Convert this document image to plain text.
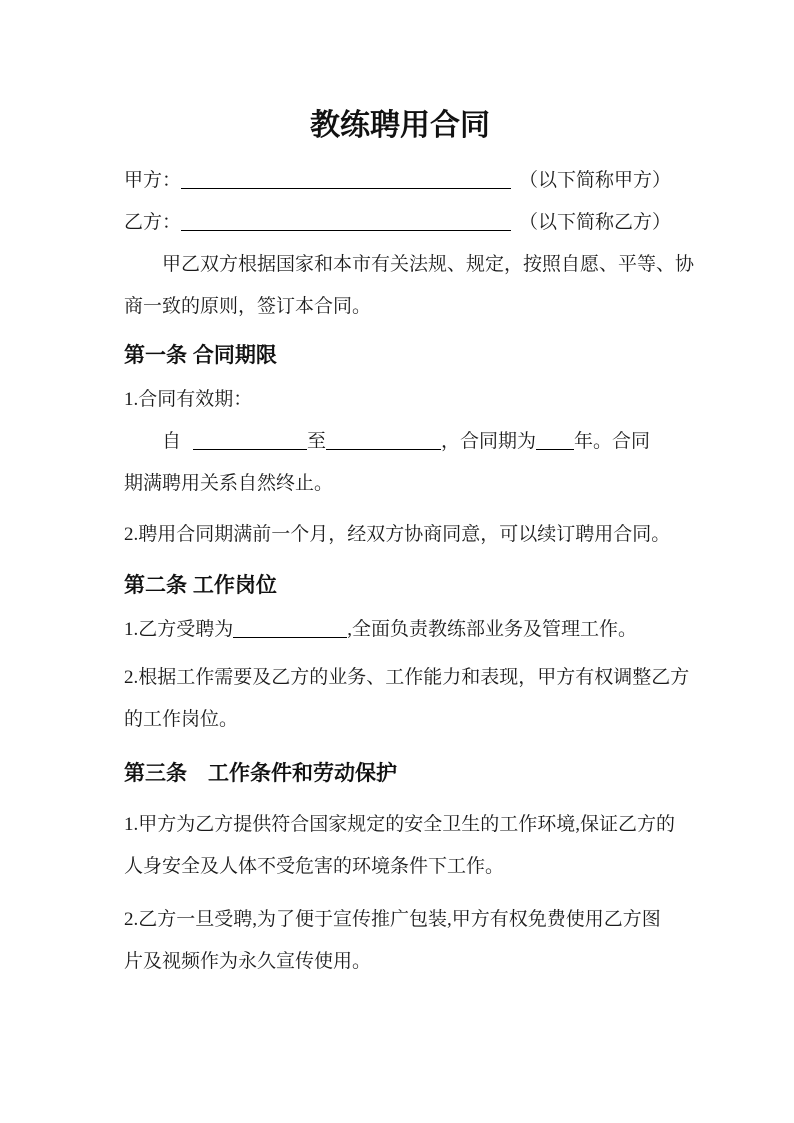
教练聘用合同
甲方：	（以下简称甲方）
乙方：	（以下简称乙方）
甲乙双方根据国家和本市有关法规、规定，按照自愿、平等、协
商一致的原则，签订本合同。
第一条 合同期限
1.合同有效期：
自	至	，合同期为 年。合同
期满聘用关系自然终止。
2.聘用合同期满前一个月，经双方协商同意，可以续订聘用合同。
第二条 工作岗位
1.乙方受聘为	,全面负责教练部业务及管理工作。
2.根据工作需要及乙方的业务、工作能力和表现，甲方有权调整乙方
的工作岗位。
第三条　工作条件和劳动保护
1.甲方为乙方提供符合国家规定的安全卫生的工作环境,保证乙方的
人身安全及人体不受危害的环境条件下工作。
2.乙方一旦受聘,为了便于宣传推广包装,甲方有权免费使用乙方图
片及视频作为永久宣传使用。
